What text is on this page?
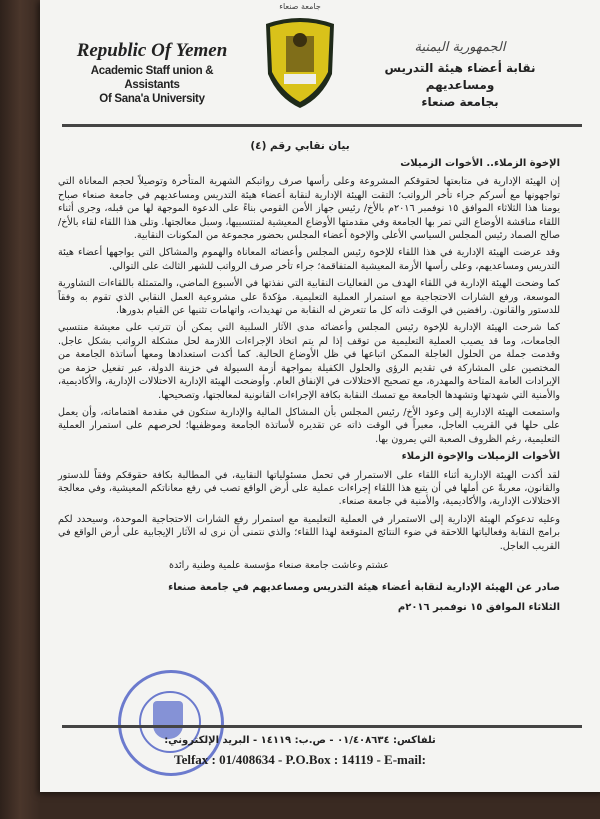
Republic Of Yemen
Academic Staff union & Assistants
Of Sana'a University
جامعة صنعاء
الجمهورية اليمنية
نقابة أعضاء هيئة التدريس ومساعديهم
بجامعة صنعاء
بيان نقابي رقم (٤)
الإخوة الزملاء.. الأخوات الزميلات

إن الهيئة الإدارية في متابعتها لحقوقكم المشروعة وعلى رأسها صرف رواتبكم الشهرية المتأخرة وتوصيلاً لحجم المعاناة التي تواجهونها مع أسركم جراء تأخر الرواتب؛ التقت الهيئة الإدارية لنقابة أعضاء هيئة التدريس ومساعديهم في جامعة صنعاء صباح يومنا هذا الثلاثاء الموافق ١٥ نوفمبر ٢٠١٦م بالأخ/ رئيس جهاز الأمن القومي بناءً على الدعوة الموجهة لها من قبله، وجرى أثناء اللقاء مناقشة الأوضاع التي تمر بها الجامعة وفي مقدمتها الأوضاع المعيشية لمنتسبيها، وسبل معالجتها. وتلى هذا اللقاء لقاء بالأخ/ صالح الصماد رئيس المجلس السياسي الأعلى والإخوة أعضاء المجلس بحضور مجموعة من المكونات النقابية.

وقد عرضت الهيئة الإدارية في هذا اللقاء للإخوة رئيس المجلس وأعضائه المعاناة والهموم والمشاكل التي يواجهها أعضاء هيئة التدريس ومساعديهم، وعلى رأسها الأزمة المعيشية المتفاقمة؛ جراء تأخر صرف الرواتب للشهر الثالث على التوالي.

كما وضحت الهيئة الإدارية في اللقاء الهدف من الفعاليات النقابية التي نفذتها في الأسبوع الماضي، والمتمثلة باللقاءات التشاورية الموسعة، ورفع الشارات الاحتجاجية مع استمرار العملية التعليمية. مؤكدةً على مشروعية العمل النقابي الذي تقوم به وفقاً للدستور والقانون. رافضين في الوقت ذاته كل ما تتعرض له النقابة من تهديدات، واتهامات تثنيها عن القيام بدورها.

كما شرحت الهيئة الإدارية للإخوة رئيس المجلس وأعضائه مدى الآثار السلبية التي يمكن أن تترتب على معيشة منتسبي الجامعات، وما قد يصيب العملية التعليمية من توقف إذا لم يتم اتخاذ الإجراءات اللازمة لحل مشكلة الرواتب بشكل عاجل. وقدمت جملة من الحلول العاجلة الممكن اتباعها في ظل الأوضاع الحالية. كما أكدت استعدادها ومعها أساتذة الجامعة من المختصين على المشاركة في تقديم الرؤى والحلول الكفيلة بمواجهة أزمة السيولة في خزينة الدولة، عبر تفعيل حزمة من الإيرادات العامة المتاحة والمهدرة، مع تصحيح الاختلالات في الإنفاق العام. وأوضحت الهيئة الإدارية الاختلالات الإدارية، والأكاديمية، والأمنية التي شهدتها وتشهدها الجامعة مع تمسك النقابة بكافة الإجراءات القانونية لمعالجتها، وتصحيحها.

واستمعت الهيئة الإدارية إلى وعود الأخ/ رئيس المجلس بأن المشاكل المالية والإدارية ستكون في مقدمة اهتماماته، وأن يعمل على حلها في القريب العاجل، معبراً في الوقت ذاته عن تقديره لأساتذة الجامعة وموظفيها؛ لحرصهم على استمرار العملية التعليمية، رغم الظروف الصعبة التي يمرون بها.

الأخوات الزميلات والإخوة الزملاء

لقد أكدت الهيئة الإدارية أثناء اللقاء على الاستمرار في تحمل مسئولياتها النقابية، في المطالبة بكافة حقوقكم وفقاً للدستور والقانون، معربةً عن أملها في أن يتبع هذا اللقاء إجراءات عملية على أرض الواقع تصب في رفع معاناتكم المعيشية، وفي معالجة الاختلالات الإدارية، والأكاديمية، والأمنية في جامعة صنعاء.

وعليه تدعوكم الهيئة الإدارية إلى الاستمرار في العملية التعليمية مع استمرار رفع الشارات الاحتجاجية الموحدة، وسيحدد لكم برامج النقابة وفعالياتها اللاحقة في ضوء النتائج المتوقعة لهذا اللقاء؛ والذي نتمنى أن نرى له الآثار الإيجابية على أرض الواقع في القريب العاجل.

عشتم وعاشت جامعة صنعاء مؤسسة علمية وطنية رائدة
صادر عن الهيئة الإدارية لنقابة أعضاء هيئة التدريس ومساعديهم في جامعة صنعاء
الثلاثاء الموافق ١٥ نوفمبر ٢٠١٦م
تلفاكس: ٠١/٤٠٨٦٣٤ - ص.ب: ١٤١١٩ - البريد الإلكتروني:
Telfax : 01/408634 - P.O.Box : 14119 - E-mail:
